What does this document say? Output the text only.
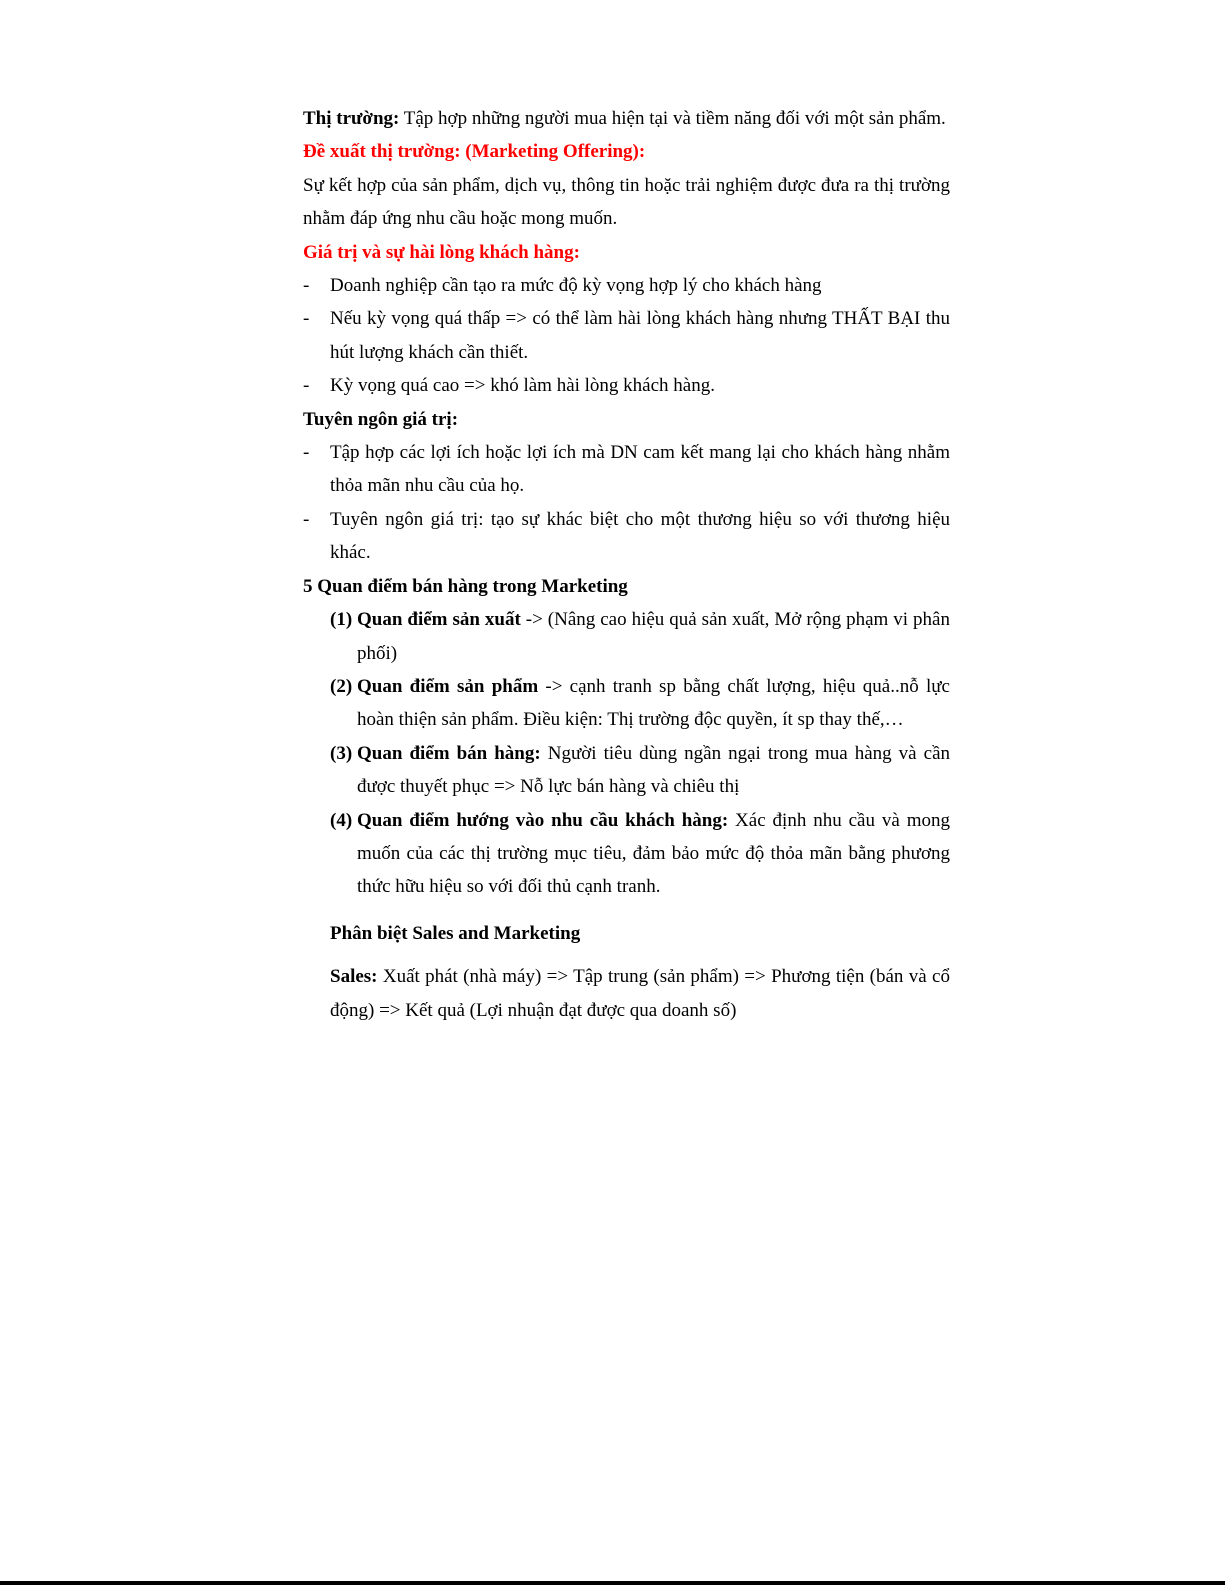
Thị trường: Tập hợp những người mua hiện tại và tiềm năng đối với một sản phẩm.

Đề xuất thị trường: (Marketing Offering):

Sự kết hợp của sản phẩm, dịch vụ, thông tin hoặc trải nghiệm được đưa ra thị trường nhằm đáp ứng nhu cầu hoặc mong muốn.

Giá trị và sự hài lòng khách hàng:

- Doanh nghiệp cần tạo ra mức độ kỳ vọng hợp lý cho khách hàng
- Nếu kỳ vọng quá thấp => có thể làm hài lòng khách hàng nhưng THẤT BẠI thu hút lượng khách cần thiết.
- Kỳ vọng quá cao => khó làm hài lòng khách hàng.

Tuyên ngôn giá trị:

- Tập hợp các lợi ích hoặc lợi ích mà DN cam kết mang lại cho khách hàng nhằm thỏa mãn nhu cầu của họ.
- Tuyên ngôn giá trị: tạo sự khác biệt cho một thương hiệu so với thương hiệu khác.

5 Quan điểm bán hàng trong Marketing

(1) Quan điểm sản xuất -> (Nâng cao hiệu quả sản xuất, Mở rộng phạm vi phân phối)
(2) Quan điểm sản phẩm -> cạnh tranh sp bằng chất lượng, hiệu quả..nỗ lực hoàn thiện sản phẩm. Điều kiện: Thị trường độc quyền, ít sp thay thế,…
(3) Quan điểm bán hàng: Người tiêu dùng ngần ngại trong mua hàng và cần được thuyết phục => Nỗ lực bán hàng và chiêu thị
(4) Quan điểm hướng vào nhu cầu khách hàng: Xác định nhu cầu và mong muốn của các thị trường mục tiêu, đảm bảo mức độ thỏa mãn bằng phương thức hữu hiệu so với đối thủ cạnh tranh.

Phân biệt Sales and Marketing

Sales: Xuất phát (nhà máy) => Tập trung (sản phẩm) => Phương tiện (bán và cổ động) => Kết quả (Lợi nhuận đạt được qua doanh số)
